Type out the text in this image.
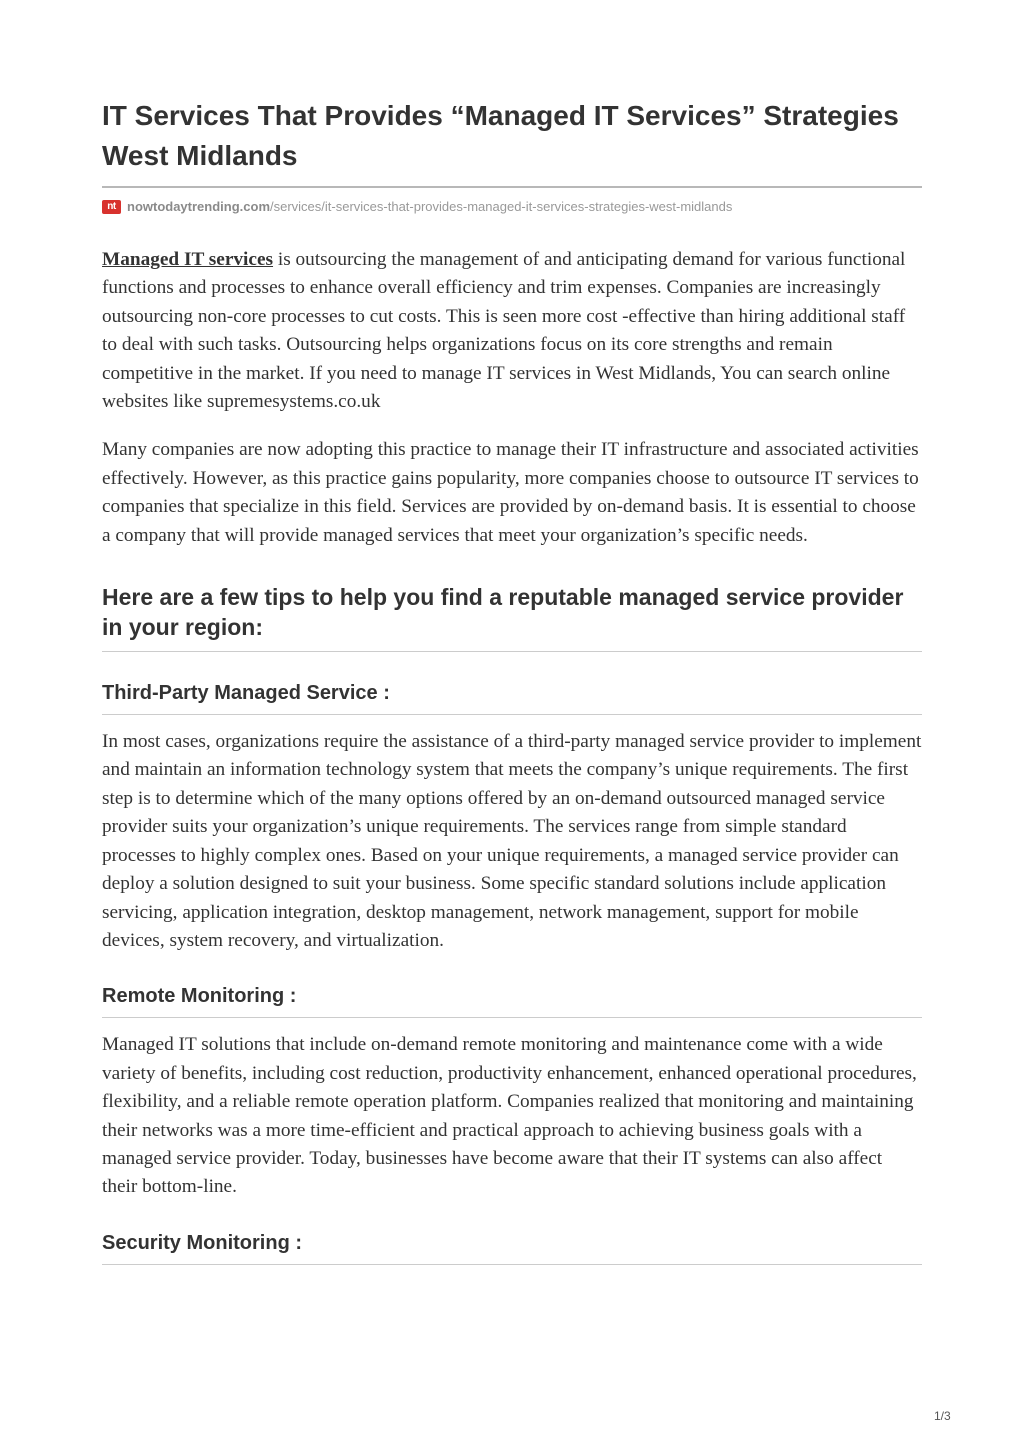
IT Services That Provides “Managed IT Services” Strategies West Midlands
nt nowtodaytrending.com /services/it-services-that-provides-managed-it-services-strategies-west-midlands

Managed IT services is outsourcing the management of and anticipating demand for various functional functions and processes to enhance overall efficiency and trim expenses. Companies are increasingly outsourcing non-core processes to cut costs. This is seen more cost -effective than hiring additional staff to deal with such tasks. Outsourcing helps organizations focus on its core strengths and remain competitive in the market. If you need to manage IT services in West Midlands, You can search online websites like supremesystems.co.uk

Many companies are now adopting this practice to manage their IT infrastructure and associated activities effectively. However, as this practice gains popularity, more companies choose to outsource IT services to companies that specialize in this field. Services are provided by on-demand basis. It is essential to choose a company that will provide managed services that meet your organization’s specific needs.

Here are a few tips to help you find a reputable managed service provider in your region:
Third-Party Managed Service :

In most cases, organizations require the assistance of a third-party managed service provider to implement and maintain an information technology system that meets the company’s unique requirements. The first step is to determine which of the many options offered by an on-demand outsourced managed service provider suits your organization’s unique requirements. The services range from simple standard processes to highly complex ones. Based on your unique requirements, a managed service provider can deploy a solution designed to suit your business. Some specific standard solutions include application servicing, application integration, desktop management, network management, support for mobile devices, system recovery, and virtualization.

Remote Monitoring :

Managed IT solutions that include on-demand remote monitoring and maintenance come with a wide variety of benefits, including cost reduction, productivity enhancement, enhanced operational procedures, flexibility, and a reliable remote operation platform. Companies realized that monitoring and maintaining their networks was a more time-efficient and practical approach to achieving business goals with a managed service provider. Today, businesses have become aware that their IT systems can also affect their bottom-line.

Security Monitoring :
1/3
